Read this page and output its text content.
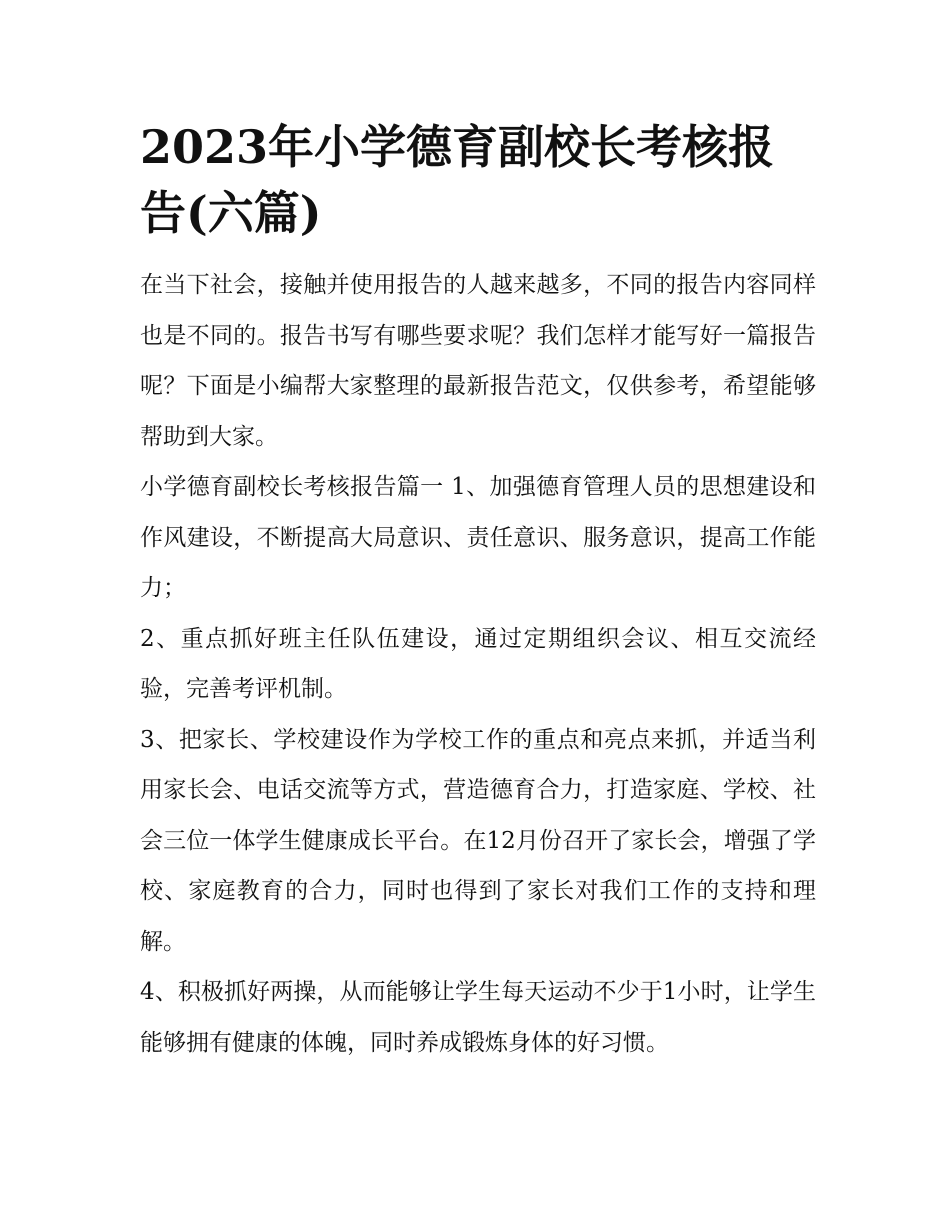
2023年小学德育副校长考核报告(六篇)

在当下社会，接触并使用报告的人越来越多，不同的报告内容同样也是不同的。报告书写有哪些要求呢？我们怎样才能写好一篇报告呢？下面是小编帮大家整理的最新报告范文，仅供参考，希望能够帮助到大家。

小学德育副校长考核报告篇一 1、加强德育管理人员的思想建设和作风建设，不断提高大局意识、责任意识、服务意识，提高工作能力；

2、重点抓好班主任队伍建设，通过定期组织会议、相互交流经验，完善考评机制。

3、把家长、学校建设作为学校工作的重点和亮点来抓，并适当利用家长会、电话交流等方式，营造德育合力，打造家庭、学校、社会三位一体学生健康成长平台。在12月份召开了家长会，增强了学校、家庭教育的合力，同时也得到了家长对我们工作的支持和理解。

4、积极抓好两操，从而能够让学生每天运动不少于1小时，让学生能够拥有健康的体魄，同时养成锻炼身体的好习惯。
